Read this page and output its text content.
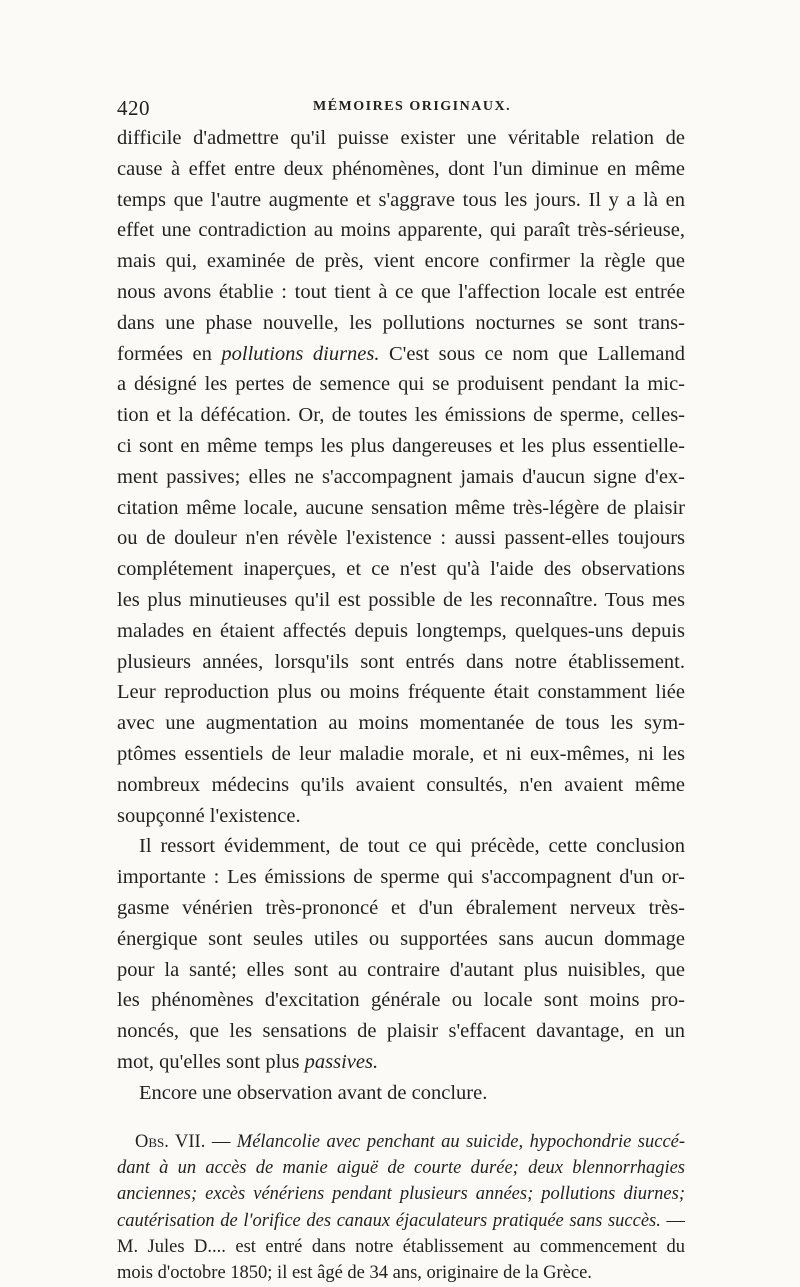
420	MÉMOIRES ORIGINAUX.
difficile d'admettre qu'il puisse exister une véritable relation de
cause à effet entre deux phénomènes, dont l'un diminue en même
temps que l'autre augmente et s'aggrave tous les jours. Il y a là en
effet une contradiction au moins apparente, qui paraît très-sérieuse,
mais qui, examinée de près, vient encore confirmer la règle que
nous avons établie : tout tient à ce que l'affection locale est entrée
dans une phase nouvelle, les pollutions nocturnes se sont trans-
formées en pollutions diurnes. C'est sous ce nom que Lallemand
a désigné les pertes de semence qui se produisent pendant la mic-
tion et la défécation. Or, de toutes les émissions de sperme, celles-
ci sont en même temps les plus dangereuses et les plus essentielle-
ment passives; elles ne s'accompagnent jamais d'aucun signe d'ex-
citation même locale, aucune sensation même très-légère de plaisir
ou de douleur n'en révèle l'existence : aussi passent-elles toujours
complétement inaperçues, et ce n'est qu'à l'aide des observations
les plus minutieuses qu'il est possible de les reconnaître. Tous mes
malades en étaient affectés depuis longtemps, quelques-uns depuis
plusieurs années, lorsqu'ils sont entrés dans notre établissement.
Leur reproduction plus ou moins fréquente était constamment liée
avec une augmentation au moins momentanée de tous les sym-
ptômes essentiels de leur maladie morale, et ni eux-mêmes, ni les
nombreux médecins qu'ils avaient consultés, n'en avaient même
soupçonné l'existence.
Il ressort évidemment, de tout ce qui précède, cette conclusion
importante : Les émissions de sperme qui s'accompagnent d'un or-
gasme vénérien très-prononcé et d'un ébralement nerveux très-
énergique sont seules utiles ou supportées sans aucun dommage
pour la santé; elles sont au contraire d'autant plus nuisibles, que
les phénomènes d'excitation générale ou locale sont moins pro-
noncés, que les sensations de plaisir s'effacent davantage, en un
mot, qu'elles sont plus passives.
Encore une observation avant de conclure.
Obs. VII. — Mélancolie avec penchant au suicide, hypochondrie succé-
dant à un accès de manie aiguë de courte durée; deux blennorrhagies
anciennes; excès vénériens pendant plusieurs années; pollutions diurnes;
cautérisation de l'orifice des canaux éjaculateurs pratiquée sans succès. —
M. Jules D.... est entré dans notre établissement au commencement du
mois d'octobre 1850; il est âgé de 34 ans, originaire de la Grèce.
